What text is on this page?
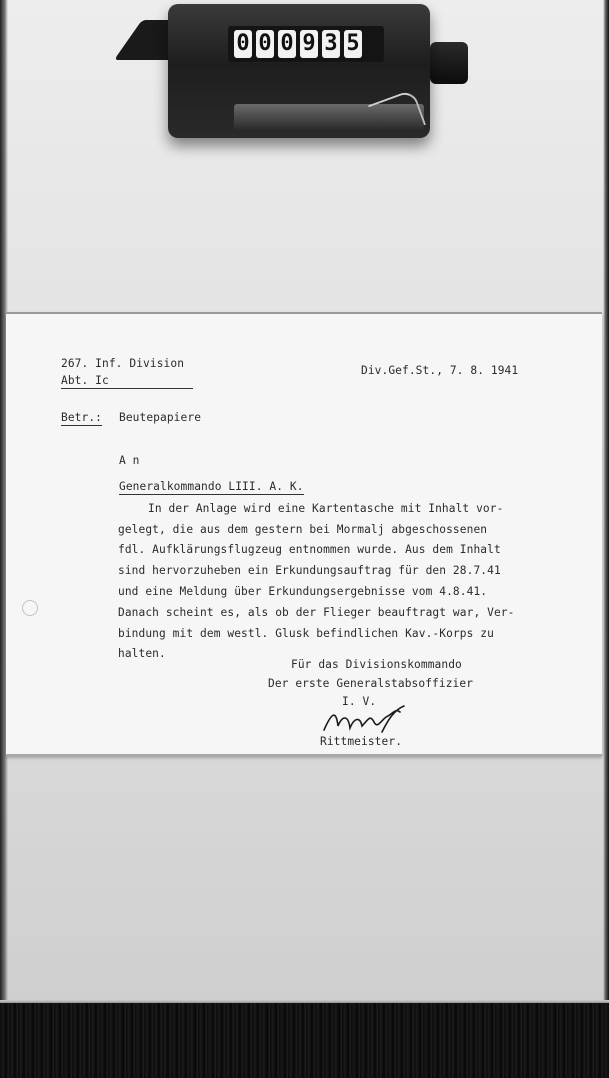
0 0 0 9 3 5
267. Inf. Division
Abt. Ic
Div.Gef.St., 7. 8. 1941
Betr.: Beutepapiere
A n
Generalkommando LIII. A. K.
In der Anlage wird eine Kartentasche mit Inhalt vor-
gelegt, die aus dem gestern bei Mormalj abgeschossenen
fdl. Aufklärungsflugzeug entnommen wurde. Aus dem Inhalt
sind hervorzuheben ein Erkundungsauftrag für den 28.7.41
und eine Meldung über Erkundungsergebnisse vom 4.8.41.
Danach scheint es, als ob der Flieger beauftragt war, Ver-
bindung mit dem westl. Glusk befindlichen Kav.-Korps zu
halten.
Für das Divisionskommando
Der erste Generalstabsoffizier
I. V.
Rittmeister.
